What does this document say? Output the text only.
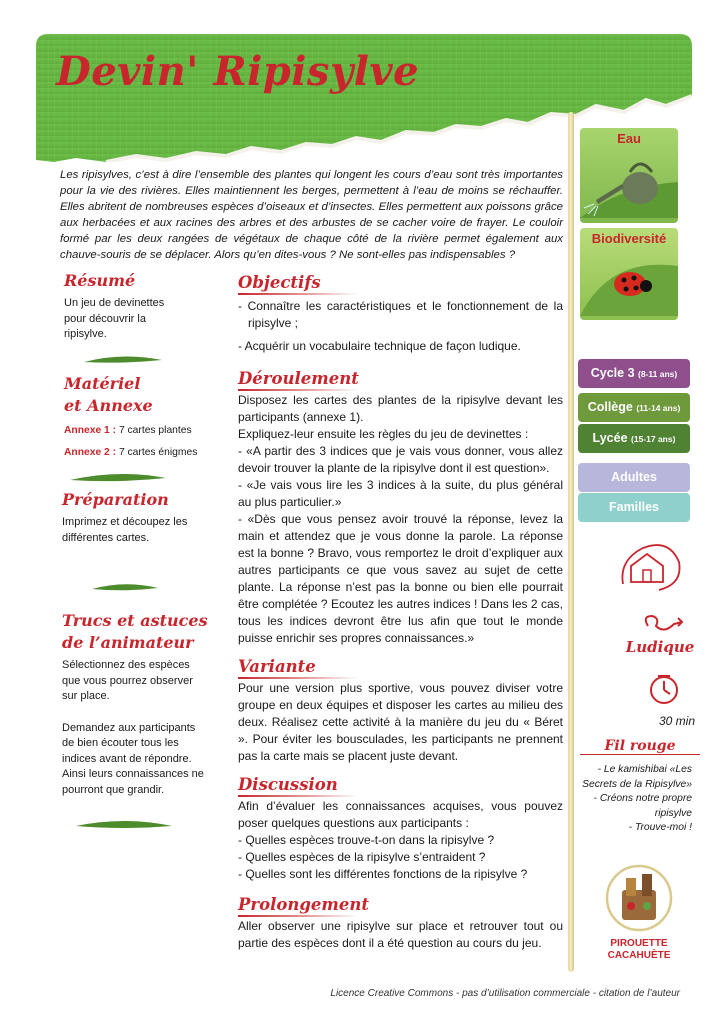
Devin' Ripisylve
Les ripisylves, c’est à dire l’ensemble des plantes qui longent les cours d’eau sont très importantes pour la vie des rivières. Elles maintiennent les berges, permettent à l’eau de moins se réchauffer. Elles abritent de nombreuses espèces d’oiseaux et d’insectes. Elles permettent aux poissons grâce aux herbacées et aux racines des arbres et des arbustes de se cacher voire de frayer. Le couloir formé par les deux rangées de végétaux de chaque côté de la rivière permet également aux chauve-souris de se déplacer. Alors qu’en dites-vous ? Ne sont-elles pas indispensables ?
Résumé
Un jeu de devinettes pour découvrir la ripisylve.
Matériel
et Annexe
Annexe 1 : 7 cartes plantes
Annexe 2 : 7 cartes énigmes
Préparation
Imprimez et découpez les différentes cartes.
Trucs et astuces
de l’animateur
Sélectionnez des espèces que vous pourrez observer sur place.
Demandez aux participants de bien écouter tous les indices avant de répondre. Ainsi leurs connaissances ne pourront que grandir.
Objectifs

- Connaître les caractéristiques et le fonctionnement de la ripisylve ;

- Acquérir un vocabulaire technique de façon ludique.

Déroulement

Disposez les cartes des plantes de la ripisylve devant les participants (annexe 1).

Expliquez-leur ensuite les règles du jeu de devinettes :

- «A partir des 3 indices que je vais vous donner, vous allez devoir trouver la plante de la ripisylve dont il est question».

- «Je vais vous lire les 3 indices à la suite, du plus général au plus particulier.»

- «Dès que vous pensez avoir trouvé la réponse, levez la main et attendez que je vous donne la parole. La réponse est la bonne ? Bravo, vous remportez le droit d’expliquer aux autres participants ce que vous savez au sujet de cette plante. La réponse n’est pas la bonne ou bien elle pourrait être complétée ? Ecoutez les autres indices ! Dans les 2 cas, tous les indices devront être lus afin que tout le monde puisse enrichir ses propres connaissances.»

Variante
Pour une version plus sportive, vous pouvez diviser votre groupe en deux équipes et disposer les cartes au milieu des deux. Réalisez cette activité à la manière du jeu du « Béret ». Pour éviter les bousculades, les participants ne prennent pas la carte mais se placent juste devant.
Discussion

Afin d’évaluer les connaissances acquises, vous pouvez poser quelques questions aux participants :

- Quelles espèces trouve-t-on dans la ripisylve ?

- Quelles espèces de la ripisylve s’entraident ?

- Quelles sont les différentes fonctions de la ripisylve ?

Prolongement
Aller observer une ripisylve sur place et retrouver tout ou partie des espèces dont il a été question au cours du jeu.
Eau
Biodiversité
Cycle 3 (8-11 ans)
Collège (11-14 ans)
Lycée (15-17 ans)
Adultes
Familles
Ludique
30 min
Fil rouge
- Le kamishibai «Les Secrets de la Ripisylve»
- Créons notre propre ripisylve
- Trouve-moi !
PIROUETTE
CACAHUÈTE
Licence Creative Commons - pas d’utilisation commerciale - citation de l’auteur
